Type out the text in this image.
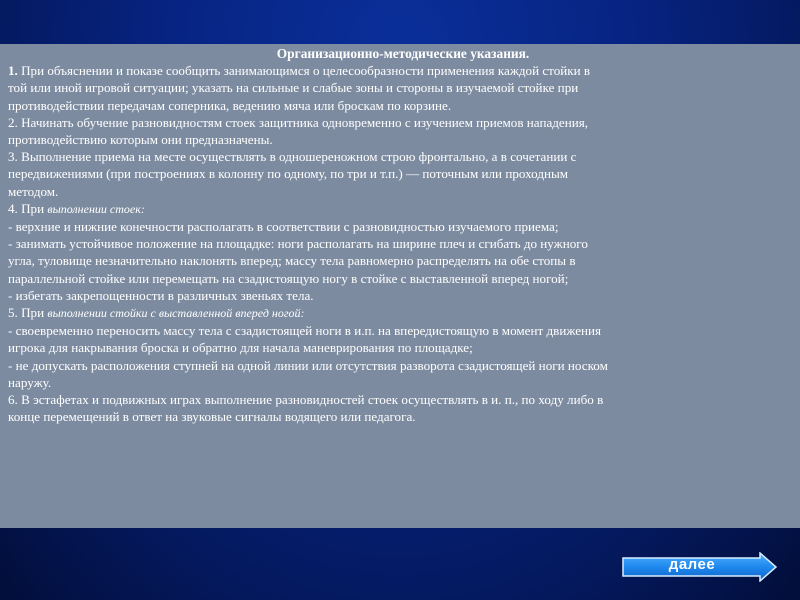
Организационно-методические указания.
1. При объяснении и показе сообщить занимающимся о целесообразности применения каждой стойки в
той или иной игровой ситуации; указать на сильные и слабые зоны и стороны в изучаемой стойке при
противодействии передачам соперника, ведению мяча или броскам по корзине.
2. Начинать обучение разновидностям стоек защитника одновременно с изучением приемов нападения,
противодействию которым они предназначены.
3. Выполнение приема на месте осуществлять в одношереножном строю фронтально, а в сочетании с
передвижениями (при построениях в колонну по одному, по три и т.п.) — поточным или проходным
методом.
4. При выполнении стоек:
- верхние и нижние конечности располагать в соответствии с разновидностью изучаемого приема;
- занимать устойчивое положение на площадке: ноги располагать на ширине плеч и сгибать до нужного
угла, туловище незначительно наклонять вперед; массу тела равномерно распределять на обе стопы в
параллельной стойке или перемещать на сзадистоящую ногу в стойке с выставленной вперед ногой;
- избегать закрепощенности в различных звеньях тела.
5. При выполнении стойки с выставленной вперед ногой:
- своевременно переносить массу тела с сзадистоящей ноги в и.п. на впередистоящую в момент движения
игрока для накрывания броска и обратно для начала маневрирования по площадке;
- не допускать расположения ступней на одной линии или отсутствия разворота сзадистоящей ноги носком
наружу.
6. В эстафетах и подвижных играх выполнение разновидностей стоек осуществлять в и. п., по ходу либо в
конце перемещений в ответ на звуковые сигналы водящего или педагога.
далее
